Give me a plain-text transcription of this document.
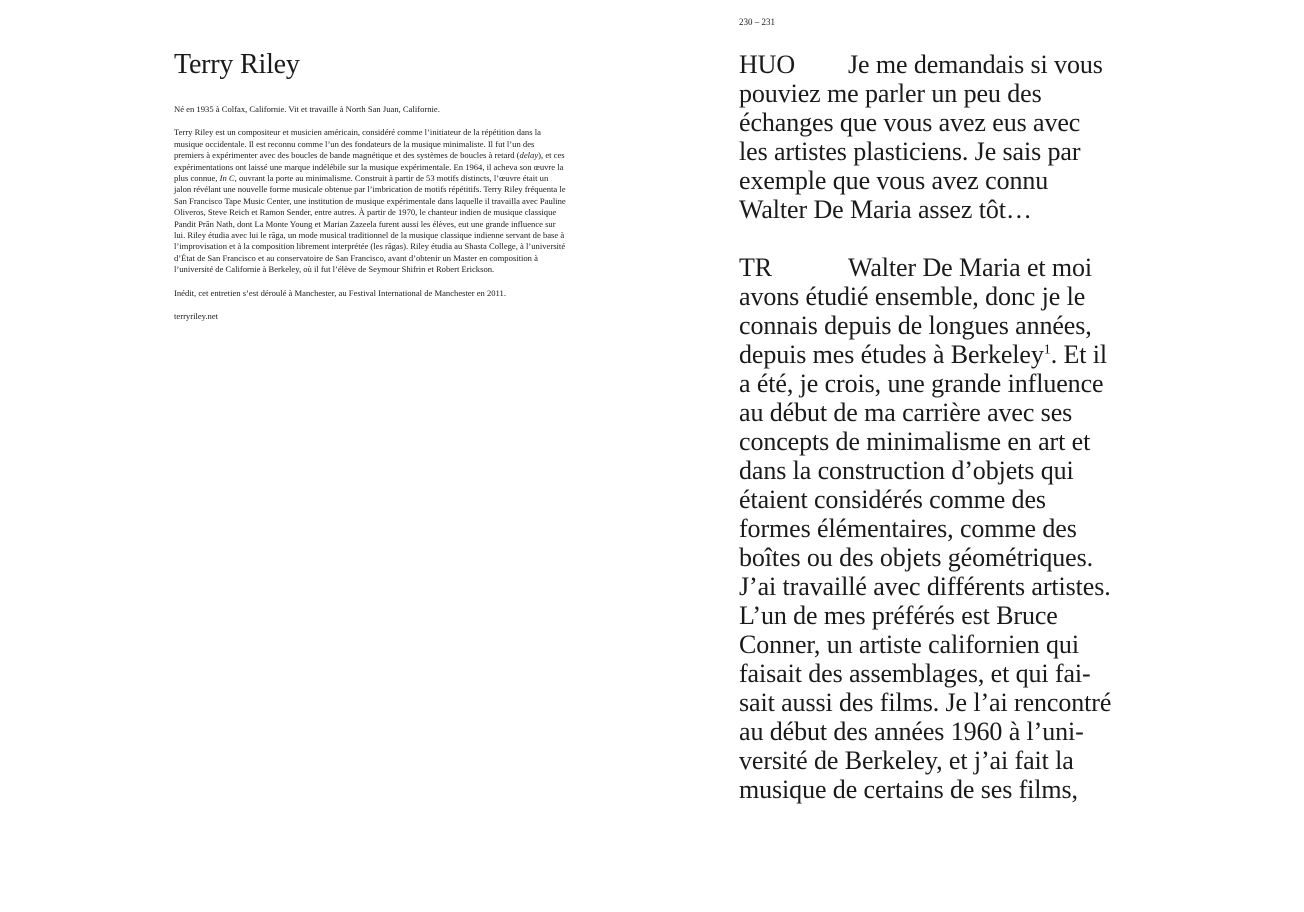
Terry Riley

Né en 1935 à Colfax, Californie. Vit et travaille à North San Juan, Californie.

Terry Riley est un compositeur et musicien américain, considéré comme l’initiateur de la répétition dans la musique occidentale. Il est reconnu comme l’un des fondateurs de la musique minimaliste. Il fut l’un des premiers à expérimenter avec des boucles de bande magnétique et des systèmes de boucles à retard (delay), et ces expérimentations ont laissé une marque indélébile sur la musique expérimentale. En 1964, il acheva son œuvre la plus connue, In C, ouvrant la porte au minimalisme. Construit à partir de 53 motifs distincts, l’œuvre était un jalon révélant une nouvelle forme musicale obtenue par l’imbrication de motifs répétitifs. Terry Riley fréquenta le San Francisco Tape Music Center, une institution de musique expérimentale dans laquelle il travailla avec Pauline Oliveros, Steve Reich et Ramon Sender, entre autres. À partir de 1970, le chanteur indien de musique classique Pandit Prān Nath, dont La Monte Young et Marian Zazeela furent aussi les élèves, eut une grande influence sur lui. Riley étudia avec lui le rāga, un mode musical traditionnel de la musique classique indienne servant de base à l’improvisation et à la composition librement interprétée (les rāgas). Riley étudia au Shasta College, à l’université d’État de San Francisco et au conservatoire de San Francisco, avant d’obtenir un Master en composition à l’université de Californie à Berkeley, où il fut l’élève de Seymour Shifrin et Robert Erickson.

Inédit, cet entretien s’est déroulé à Manchester, au Festival International de Manchester en 2011.

terryriley.net

230 – 231
HUO Je me demandais si vous
pouviez me parler un peu des
échanges que vous avez eus avec
les artistes plasticiens. Je sais par
exemple que vous avez connu
Walter De Maria assez tôt…
TR	Walter De Maria et moi
avons étudié ensemble, donc je le
connais depuis de longues années,
depuis mes études à Berkeley$^1$. Et il
a été, je crois, une grande influence
au début de ma carrière avec ses
concepts de minimalisme en art et
dans la construction d’objets qui
étaient considérés comme des
formes élémentaires, comme des
boîtes ou des objets géométriques.
J’ai travaillé avec différents artistes.
L’un de mes préférés est Bruce
Conner, un artiste californien qui
faisait des assemblages, et qui fai-
sait aussi des films. Je l’ai rencontré
au début des années 1960 à l’uni-
versité de Berkeley, et j’ai fait la
musique de certains de ses films,
